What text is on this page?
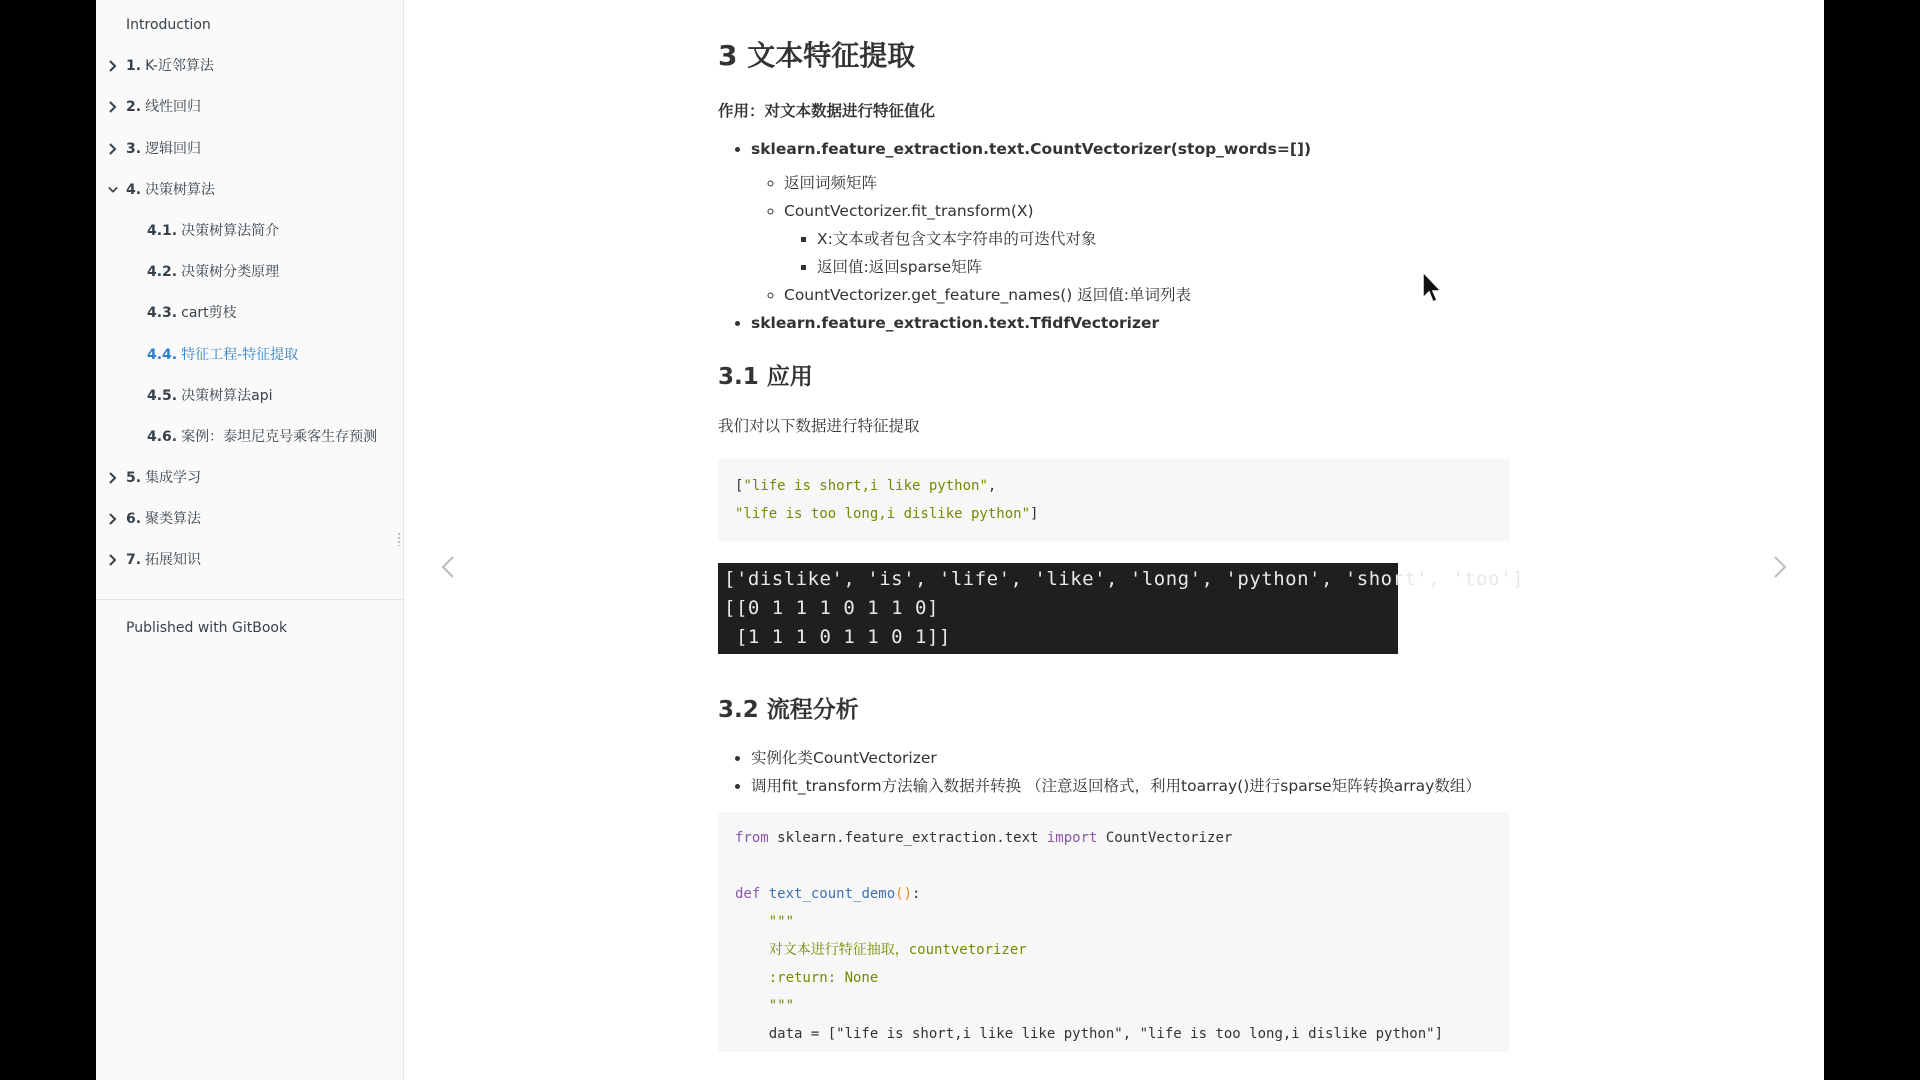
Introduction
1. K-近邻算法
2. 线性回归
3. 逻辑回归
4. 决策树算法
4.1. 决策树算法简介
4.2. 决策树分类原理
4.3. cart剪枝
4.4. 特征工程-特征提取
4.5. 决策树算法api
4.6. 案例：泰坦尼克号乘客生存预测
5. 集成学习
6. 聚类算法
7. 拓展知识
Published with GitBook
3 文本特征提取

作用：对文本数据进行特征值化

• sklearn.feature_extraction.text.CountVectorizer(stop_words=[])
◦ 返回词频矩阵
◦ CountVectorizer.fit_transform(X)
▪ X:文本或者包含文本字符串的可迭代对象
▪ 返回值:返回sparse矩阵
◦ CountVectorizer.get_feature_names() 返回值:单词列表
• sklearn.feature_extraction.text.TfidfVectorizer
3.1 应用

我们对以下数据进行特征提取

["life is short,i like python",
"life is too long,i dislike python"]
['dislike', 'is', 'life', 'like', 'long', 'python', 'short', 'too']
[[0 1 1 1 0 1 1 0]
[1 1 1 0 1 1 0 1]]
3.2 流程分析
• 实例化类CountVectorizer
• 调用fit_transform方法输入数据并转换 （注意返回格式，利用toarray()进行sparse矩阵转换array数组）
from sklearn.feature_extraction.text import CountVectorizer

def text_count_demo():
"""
对文本进行特征抽取，countvetorizer
:return: None
"""
data = ["life is short,i like like python", "life is too long,i dislike python"]
